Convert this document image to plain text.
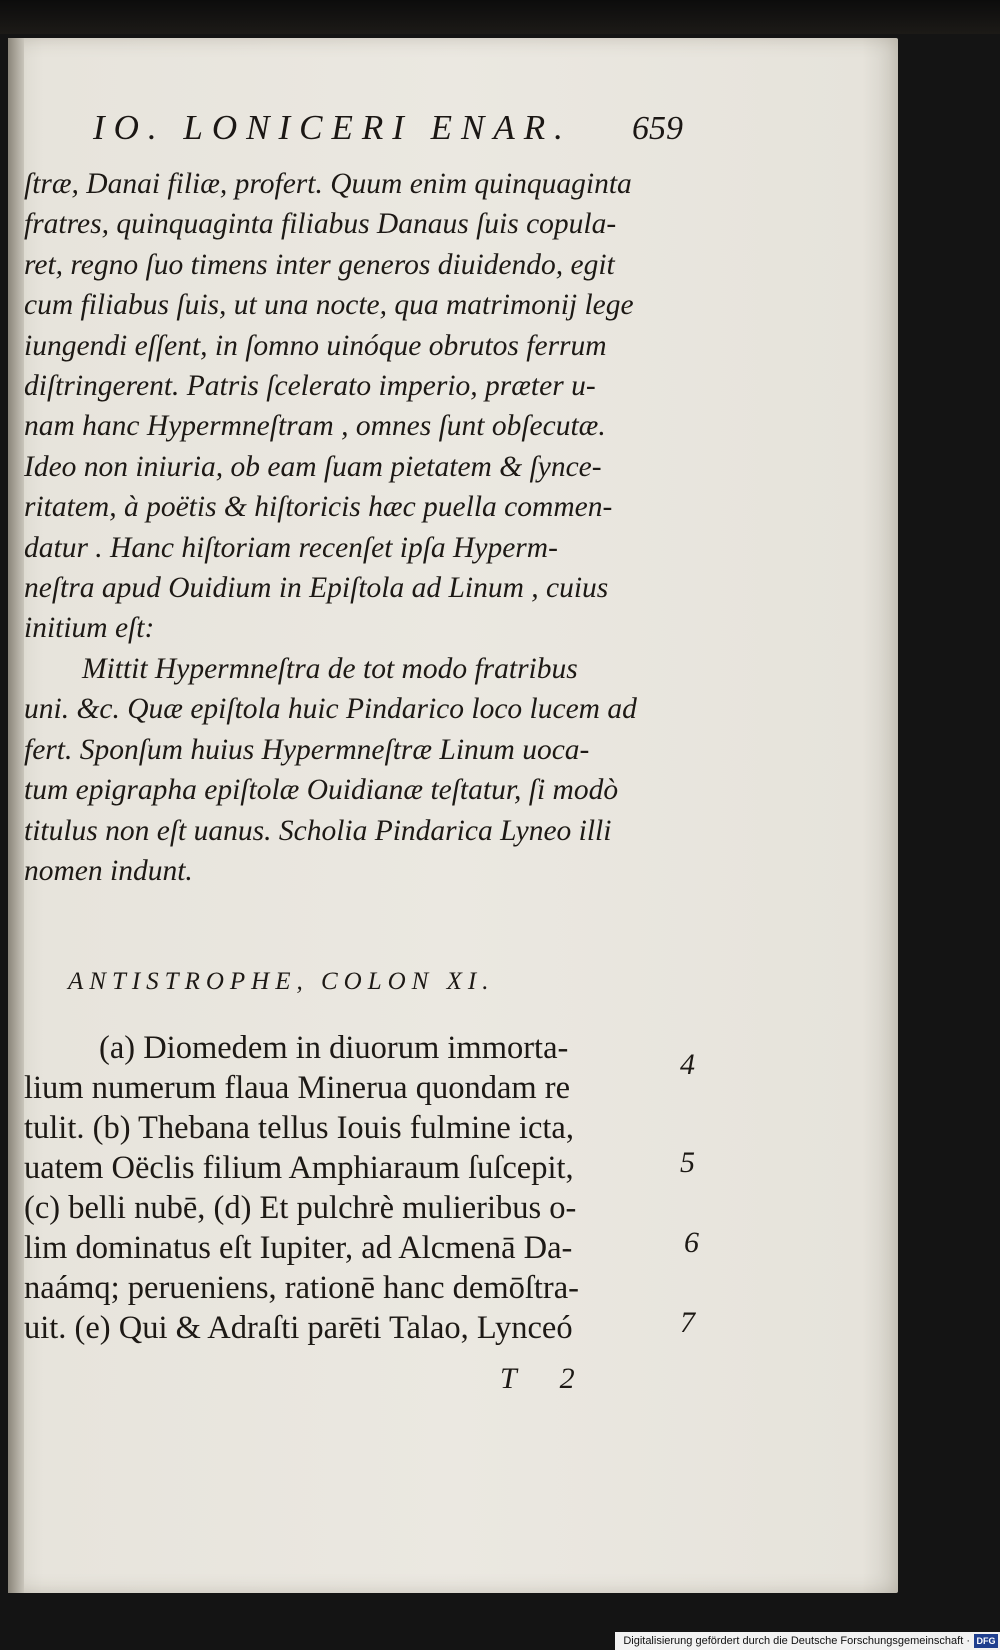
IO. LONICERI ENAR. 659
ſtræ, Danai filiæ, profert. Quum enim quinquaginta
fratres, quinquaginta filiabus Danaus ſuis copula-
ret, regno ſuo timens inter generos diuidendo, egit
cum filiabus ſuis, ut una nocte, qua matrimonij lege
iungendi eſſent, in ſomno uinóque obrutos ferrum
diſtringerent. Patris ſcelerato imperio, præter u-
nam hanc Hypermneſtram , omnes ſunt obſecutæ.
Ideo non iniuria, ob eam ſuam pietatem & ſynce-
ritatem, à poëtis & hiſtoricis hæc puella commen-
datur . Hanc hiſtoriam recenſet ipſa Hyperm-
neſtra apud Ouidium in Epiſtola ad Linum , cuius
initium eſt:
Mittit Hypermneſtra de tot modo fratribus
uni. &c. Quæ epiſtola huic Pindarico loco lucem ad
fert. Sponſum huius Hypermneſtræ Linum uoca-
tum epigrapha epiſtolæ Ouidianæ teſtatur, ſi modò
titulus non eſt uanus. Scholia Pindarica Lyneo illi
nomen indunt.
ANTISTROPHE, COLON XI.
(a) Diomedem in diuorum immorta-
lium numerum flaua Minerua quondam re
tulit. (b) Thebana tellus Iouis fulmine icta,
uatem Oëclis filium Amphiaraum ſuſcepit,
(c) belli nubē, (d) Et pulchrè mulieribus o-
lim dominatus eſt Iupiter, ad Alcmenā Da-
naámq; perueniens, rationē hanc demōſtra-
uit. (e) Qui & Adraſti parēti Talao, Lynceó
4
5
6
7
T 2
Digitalisierung gefördert durch die Deutsche Forschungsgemeinschaft · DFG
